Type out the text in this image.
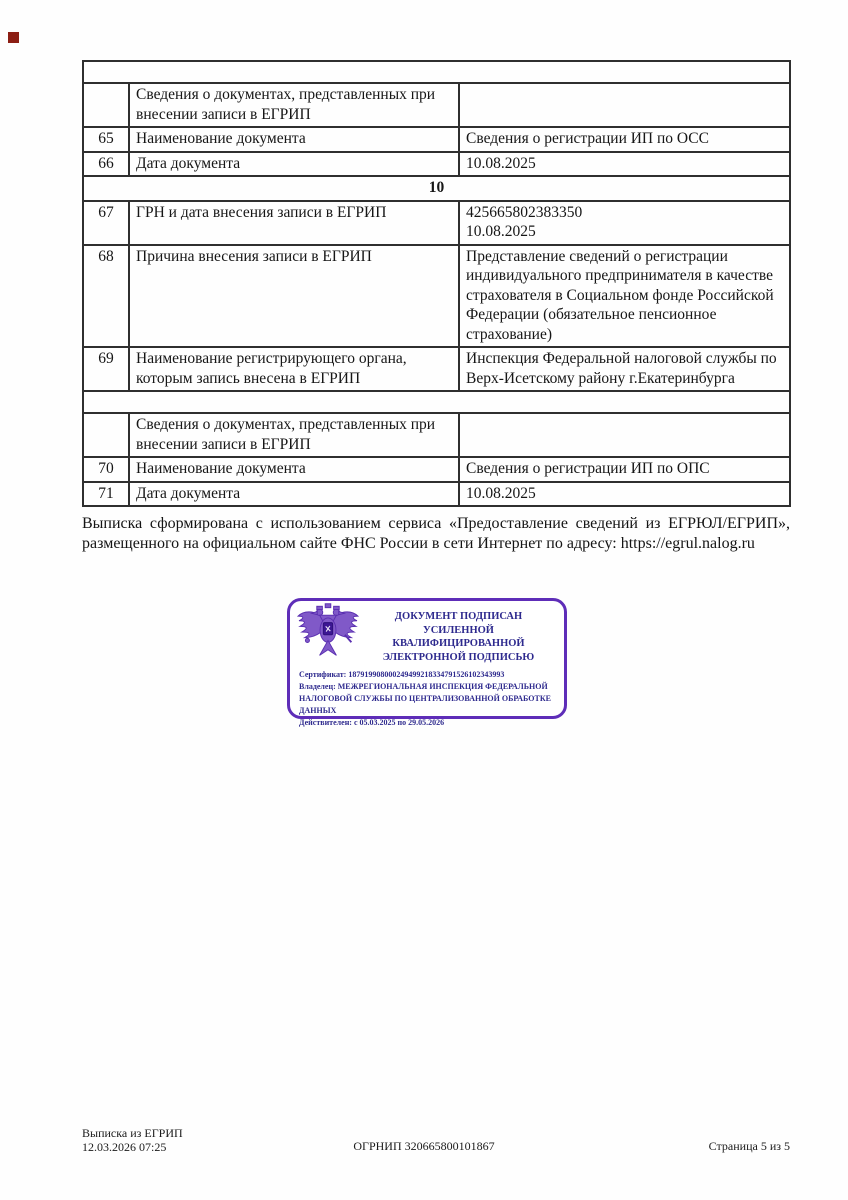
	Сведения о документах, представленных при внесении записи в ЕГРИП	
65	Наименование документа	Сведения о регистрации ИП по ОСС
66	Дата документа	10.08.2025
10		
67	ГРН и дата внесения записи в ЕГРИП	425665802383350
10.08.2025

68	Причина внесения записи в ЕГРИП	Представление сведений о регистрации индивидуального предпринимателя в качестве страхователя в Социальном фонде Российской Федерации (обязательное пенсионное страхование)
69	Наименование регистрирующего органа, которым запись внесена в ЕГРИП	Инспекция Федеральной налоговой службы по Верх-Исетскому району г.Екатеринбурга

	Сведения о документах, представленных при внесении записи в ЕГРИП	
70	Наименование документа	Сведения о регистрации ИП по ОПС
71	Дата документа	10.08.2025
Выписка сформирована с использованием сервиса «Предоставление сведений из ЕГРЮЛ/ЕГРИП», размещенного на официальном сайте ФНС России в сети Интернет по адресу: https://egrul.nalog.ru
ДОКУМЕНТ ПОДПИСАН
УСИЛЕННОЙ КВАЛИФИЦИРОВАННОЙ
ЭЛЕКТРОННОЙ ПОДПИСЬЮ
Сертификат: 187919908000249499218334791526102343993
Владелец: МЕЖРЕГИОНАЛЬНАЯ ИНСПЕКЦИЯ ФЕДЕРАЛЬНОЙ НАЛОГОВОЙ СЛУЖБЫ ПО ЦЕНТРАЛИЗОВАННОЙ ОБРАБОТКЕ ДАННЫХ
Действителен: с 05.03.2025 по 29.05.2026
Выписка из ЕГРИП
12.03.2026 07:25	ОГРНИП 320665800101867	Страница 5 из 5
